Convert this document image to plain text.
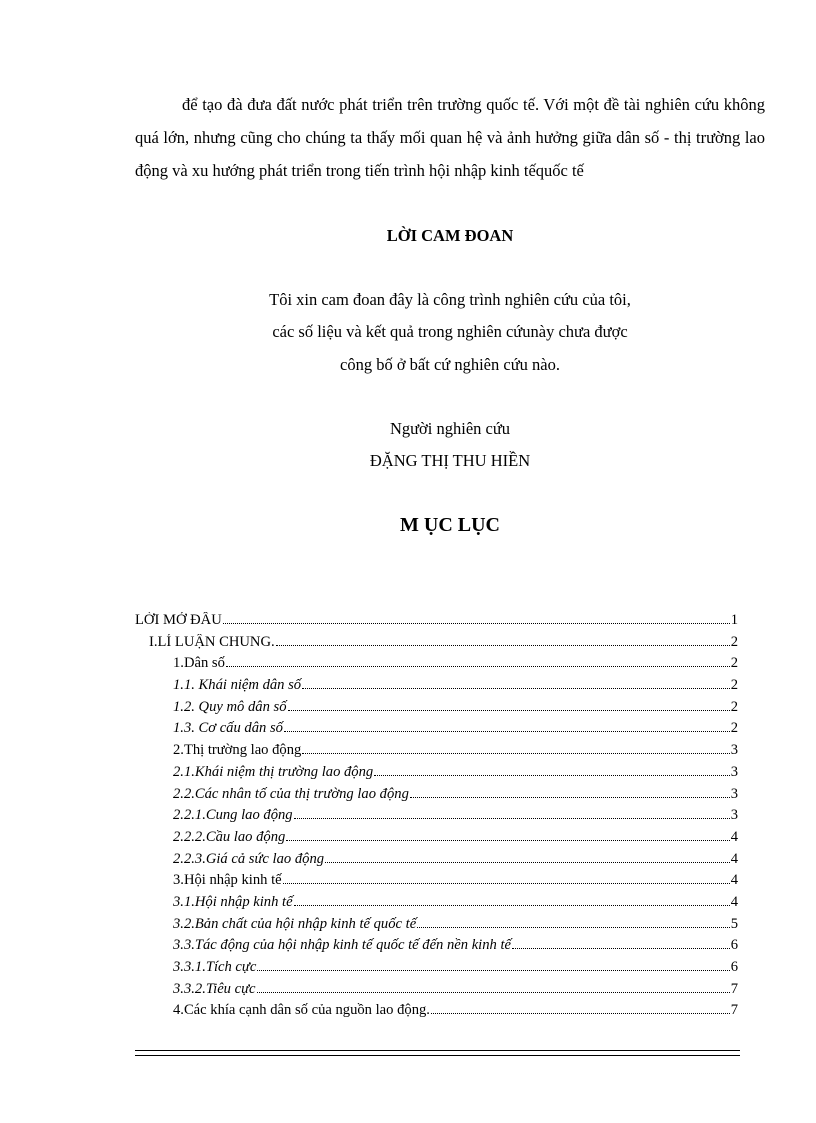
để tạo đà đưa đất nước phát triển trên trường quốc tế. Với một đề tài nghiên cứu không quá lớn, nhưng cũng cho chúng ta thấy mối quan hệ và ảnh hưởng giữa dân số - thị trường lao động và xu hướng phát triển trong tiến trình hội nhập kinh tếquốc tế

LỜI CAM ĐOAN

Tôi xin cam đoan đây là công trình nghiên cứu của tôi,

các số liệu và kết quả trong nghiên cứunày chưa được

công bố ở bất cứ nghiên cứu nào.

Người nghiên cứu

ĐẶNG THỊ THU HIỀN

M ỤC LỤC

LỜI MỞ ĐẦU	1
I.LÍ LUẬN CHUNG.	2
1.Dân số	2
1.1. Khái niệm dân số	2
1.2. Quy mô dân số	2
1.3. Cơ cấu dân số	2
2.Thị trường lao động	3
2.1.Khái niệm thị trường lao động	3
2.2.Các nhân tố của thị trường lao động	3
2.2.1.Cung lao động	3
2.2.2.Cầu lao động	4
2.2.3.Giá cả sức lao động	4
3.Hội nhập kinh tế	4
3.1.Hội nhập kinh tế	4
3.2.Bản chất của hội nhập kinh tế quốc tế	5
3.3.Tác động của hội nhập kinh tế quốc tế đến nền kinh tế	6
3.3.1.Tích cực	6
3.3.2.Tiêu cực	7
4.Các khía cạnh dân số của nguồn lao động.	7
